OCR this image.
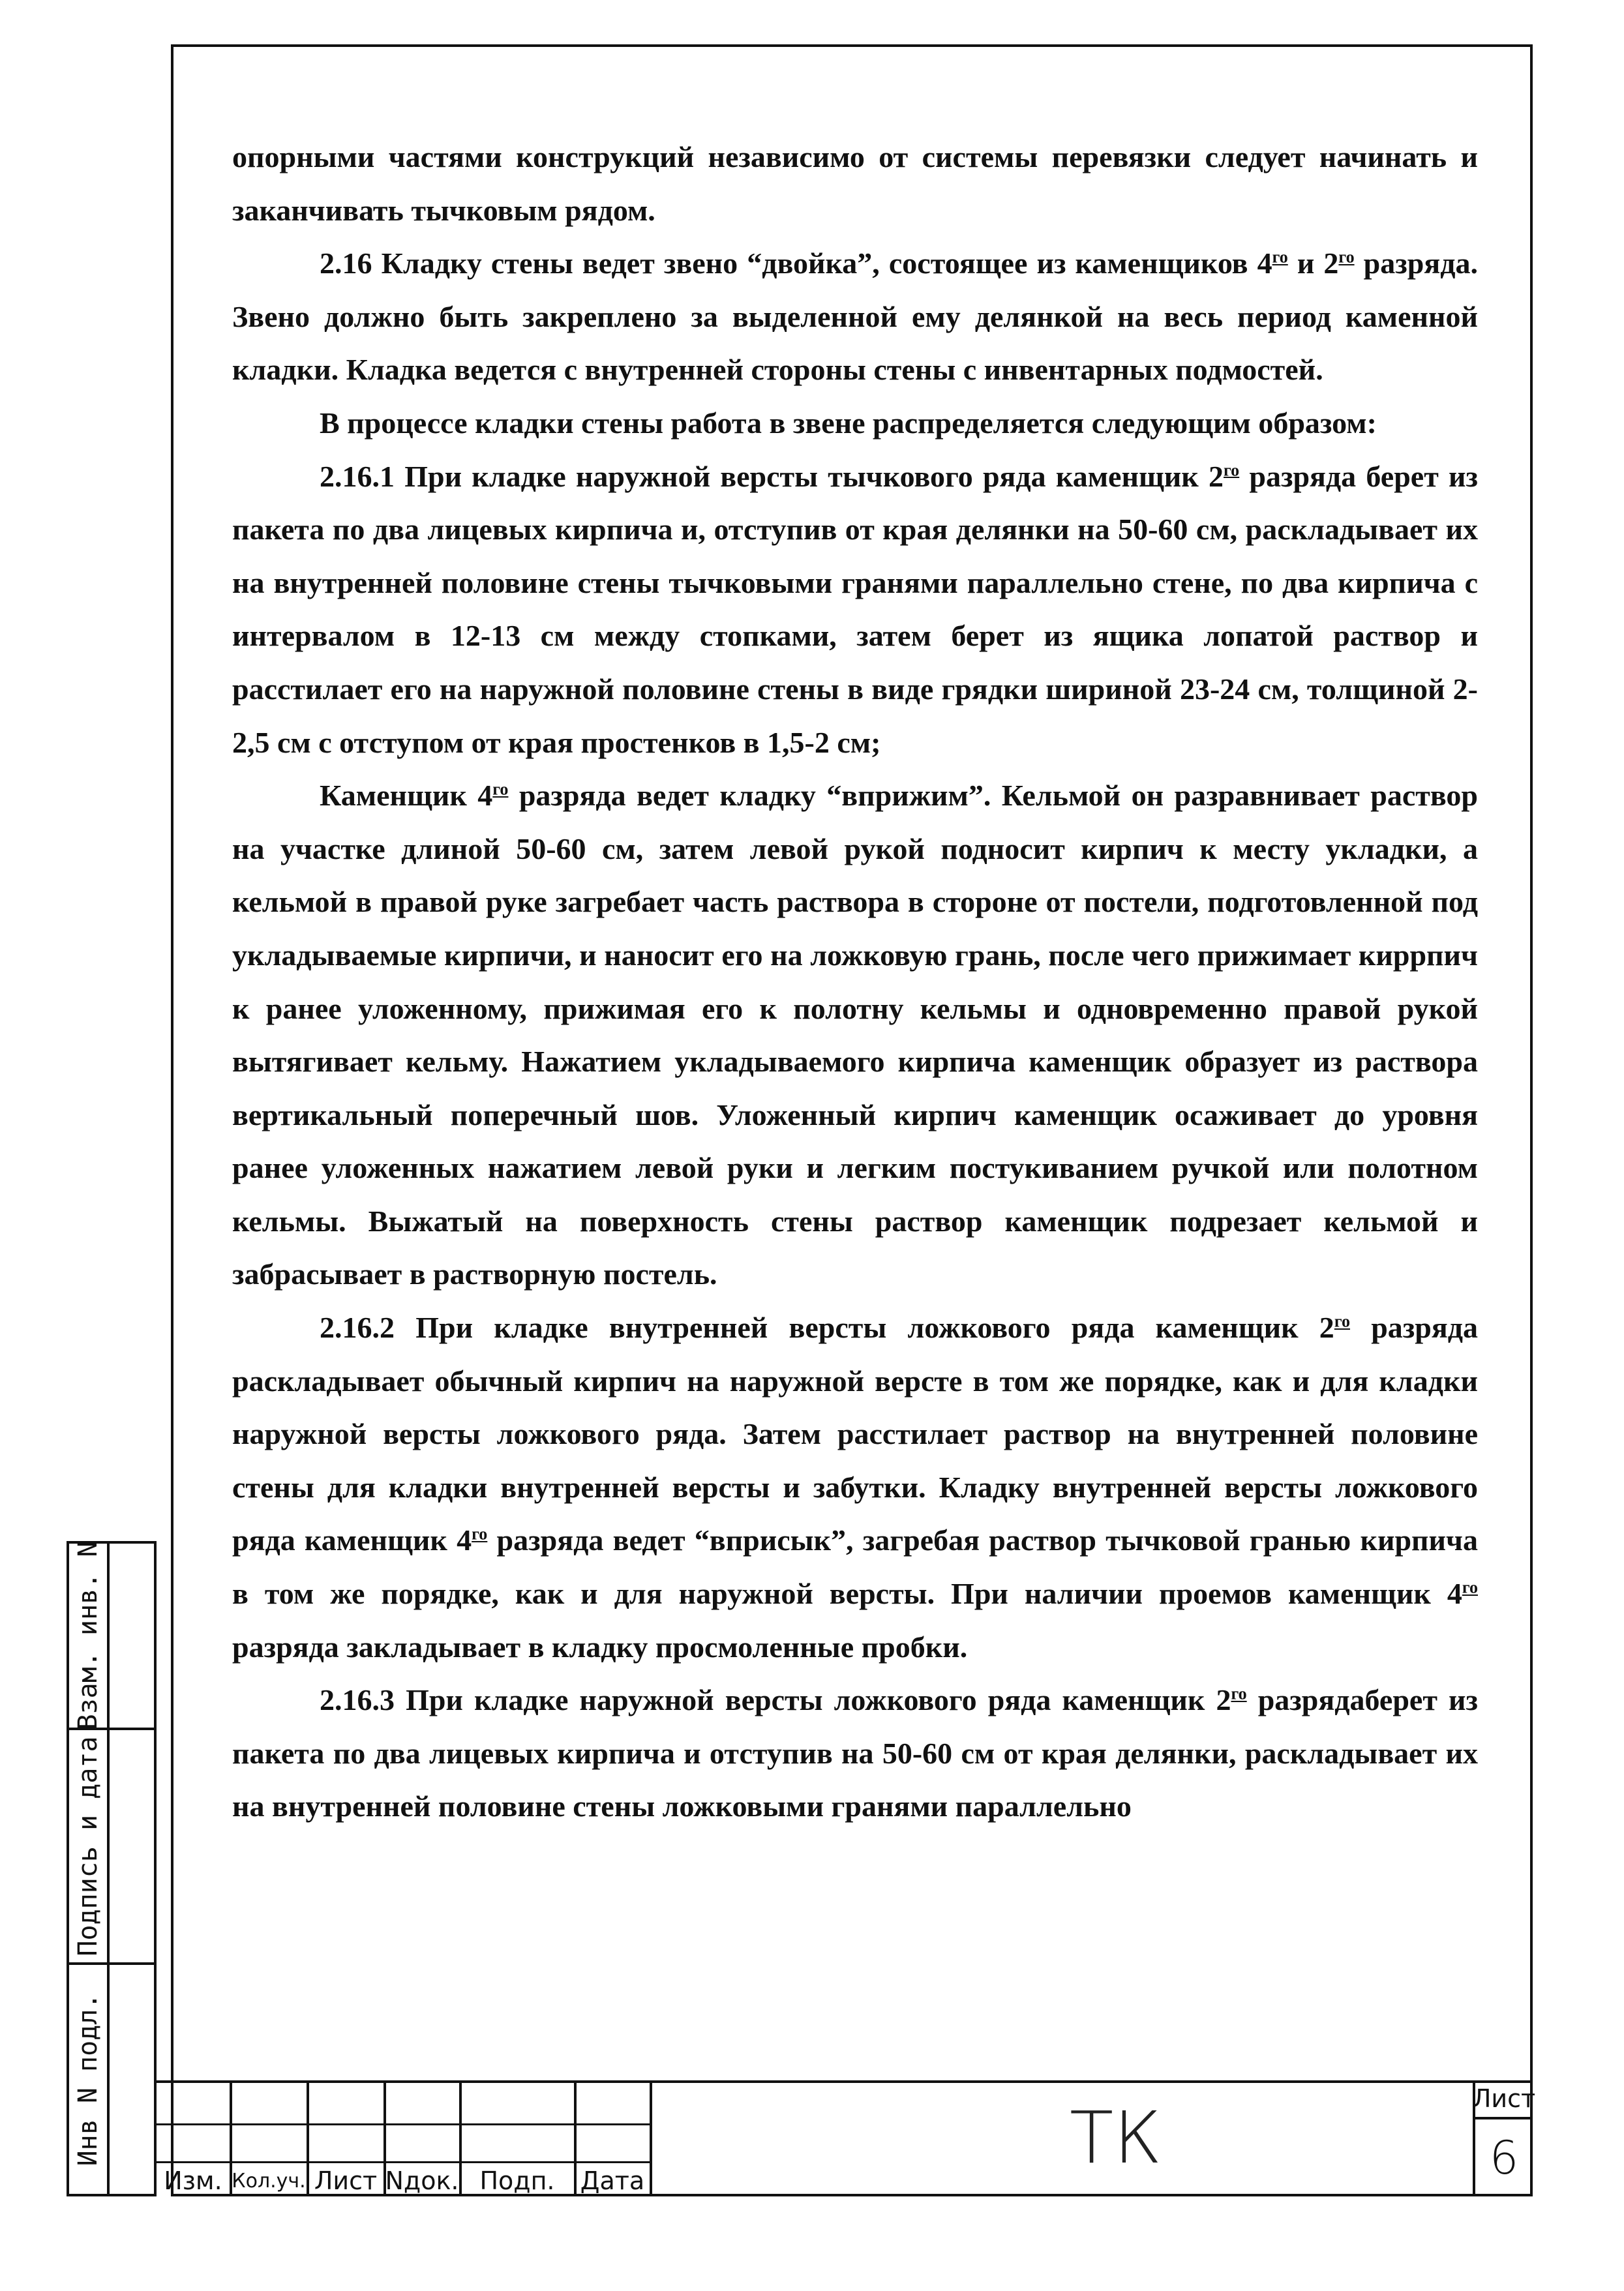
опорными частями конструкций независимо от системы перевязки следует начинать и заканчивать тычковым рядом.

2.16 Кладку стены ведет звено “двойка”, состоящее из каменщиков $4^{го}$ и $2^{го}$ разряда. Звено должно быть закреплено за выделенной ему делянкой на весь период каменной кладки. Кладка ведется с внутренней стороны стены с инвентарных подмостей.

В процессе кладки стены работа в звене распределяется следующим образом:

2.16.1 При кладке наружной версты тычкового ряда каменщик $2^{го}$ разряда берет из пакета по два лицевых кирпича и, отступив от края делянки на 50-60 см, раскладывает их на внутренней половине стены тычковыми гранями параллельно стене, по два кирпича с интервалом в 12-13 см между стопками, затем берет из ящика лопатой раствор и расстилает его на наружной половине стены в виде грядки шириной 23-24 см, толщиной 2-2,5 см с отступом от края простенков в 1,5-2 см;

Каменщик $4^{го}$ разряда ведет кладку “вприжим”. Кельмой он разравнивает раствор на участке длиной 50-60 см, затем левой рукой подносит кирпич к месту укладки, а кельмой в правой руке загребает часть раствора в стороне от постели, подготовленной под укладываемые кирпичи, и наносит его на ложковую грань, после чего прижимает киррпич к ранее уложенному, прижимая его к полотну кельмы и одновременно правой рукой вытягивает кельму. Нажатием укладываемого кирпича каменщик образует из раствора вертикальный поперечный шов. Уложенный кирпич каменщик осаживает до уровня ранее уложенных нажатием левой руки и легким постукиванием ручкой или полотном кельмы. Выжатый на поверхность стены раствор каменщик подрезает кельмой и забрасывает в растворную постель.

2.16.2 При кладке внутренней версты ложкового ряда каменщик $2^{го}$ разряда раскладывает обычный кирпич на наружной версте в том же порядке, как и для кладки наружной версты ложкового ряда. Затем расстилает раствор на внутренней половине стены для кладки внутренней версты и забутки. Кладку внутренней версты ложкового ряда каменщик $4^{го}$ разряда ведет “вприсык”, загребая раствор тычковой гранью кирпича в том же порядке, как и для наружной версты. При наличии проемов каменщик $4^{го}$ разряда закладывает в кладку просмоленные пробки.

2.16.3 При кладке наружной версты ложкового ряда каменщик $2^{го}$ разрядаберет из пакета по два лицевых кирпича и отступив на 50-60 см от края делянки, раскладывает их на внутренней половине стены ложковыми гранями параллельно

Взам. инв. N
Подпись и дата
Инв N подл.
Изм. Кол.уч. Лист Nдок. Подп.	Дата
ТК	Лист
6
